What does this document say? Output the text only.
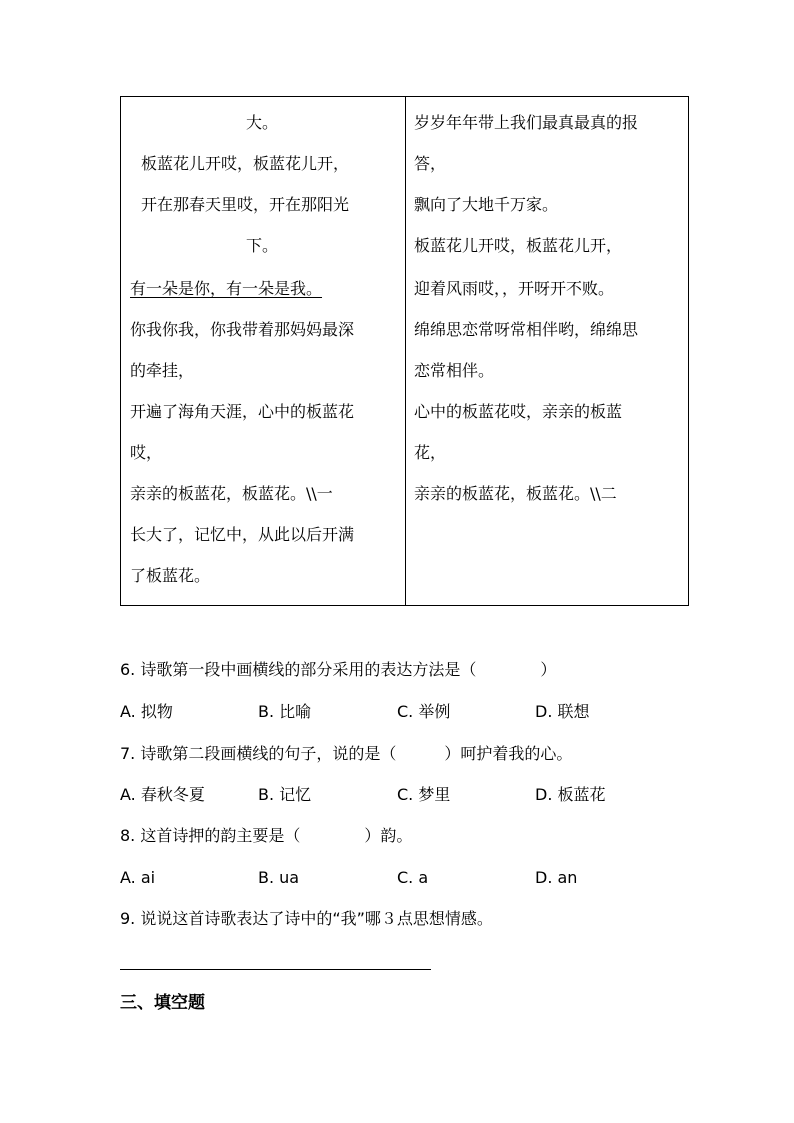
大。
板蓝花儿开哎，板蓝花儿开，
开在那春天里哎，开在那阳光
下。
有一朵是你，有一朵是我。
你我你我，你我带着那妈妈最深
的牵挂，
开遍了海角天涯，心中的板蓝花
哎，
亲亲的板蓝花，板蓝花。\\一
长大了，记忆中，从此以后开满
了板蓝花。
岁岁年年带上我们最真最真的报
答，
飘向了大地千万家。
板蓝花儿开哎，板蓝花儿开，
迎着风雨哎，，开呀开不败。
绵绵思恋常呀常相伴哟，绵绵思
恋常相伴。
心中的板蓝花哎，亲亲的板蓝
花，
亲亲的板蓝花，板蓝花。\\二
6. 诗歌第一段中画横线的部分采用的表达方法是（　　　　）
A. 拟物	B. 比喻	C. 举例	D. 联想
7. 诗歌第二段画横线的句子，说的是（　　　）呵护着我的心。
A. 春秋冬夏	B. 记忆	C. 梦里	D. 板蓝花
8. 这首诗押的韵主要是（　　　　）韵。
A. ai	B. ua	C. a	D. an
9. 说说这首诗歌表达了诗中的“我”哪３点思想情感。
三、填空题
